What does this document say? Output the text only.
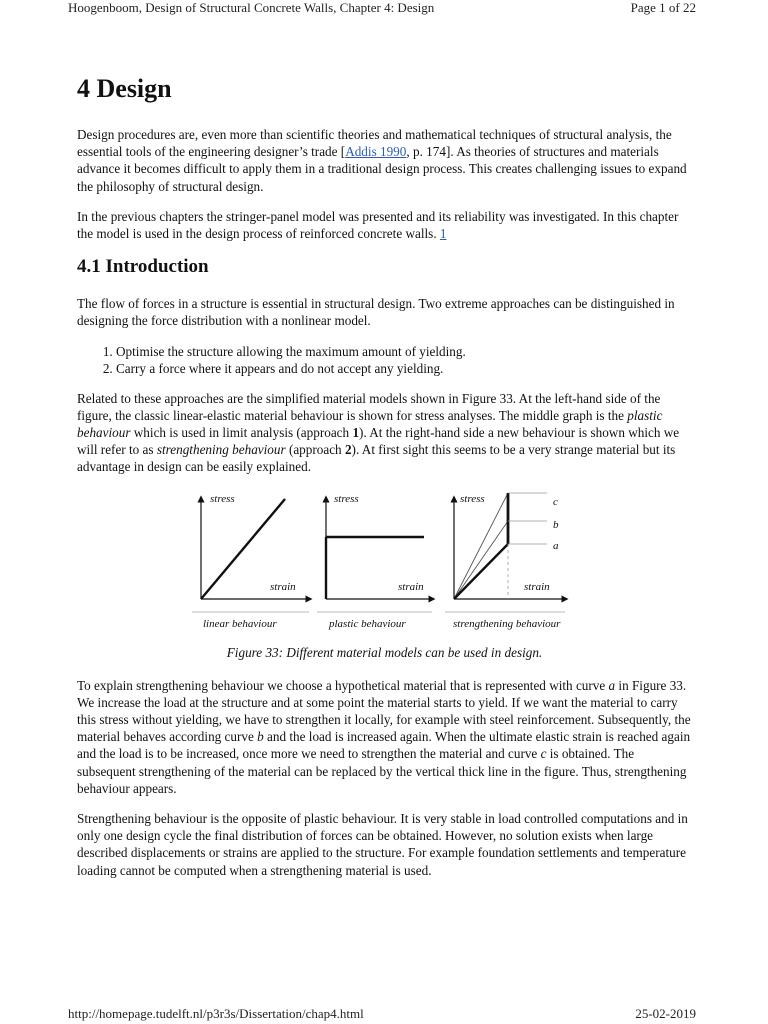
Hoogenboom, Design of Structural Concrete Walls, Chapter 4: Design	Page 1 of 22
4 Design

Design procedures are, even more than scientific theories and mathematical techniques of structural analysis, the essential tools of the engineering designer’s trade [Addis 1990, p. 174]. As theories of structures and materials advance it becomes difficult to apply them in a traditional design process. This creates challenging issues to expand the philosophy of structural design.

In the previous chapters the stringer-panel model was presented and its reliability was investigated. In this chapter the model is used in the design process of reinforced concrete walls. 1

4.1 Introduction

The flow of forces in a structure is essential in structural design. Two extreme approaches can be distinguished in designing the force distribution with a nonlinear model.

1. Optimise the structure allowing the maximum amount of yielding.
2. Carry a force where it appears and do not accept any yielding.

Related to these approaches are the simplified material models shown in Figure 33. At the left-hand side of the figure, the classic linear-elastic material behaviour is shown for stress analyses. The middle graph is the plastic behaviour which is used in limit analysis (approach 1). At the right-hand side a new behaviour is shown which we will refer to as strengthening behaviour (approach 2). At first sight this seems to be a very strange material but its advantage in design can be easily explained.

stress
strain
linear behaviour
stress
strain
plastic behaviour
c
b
a
stress
strain
strengthening behaviour
Figure 33: Different material models can be used in design.

To explain strengthening behaviour we choose a hypothetical material that is represented with curve a in Figure 33. We increase the load at the structure and at some point the material starts to yield. If we want the material to carry this stress without yielding, we have to strengthen it locally, for example with steel reinforcement. Subsequently, the material behaves according curve b and the load is increased again. When the ultimate elastic strain is reached again and the load is to be increased, once more we need to strengthen the material and curve c is obtained. The subsequent strengthening of the material can be replaced by the vertical thick line in the figure. Thus, strengthening behaviour appears.

Strengthening behaviour is the opposite of plastic behaviour. It is very stable in load controlled computations and in only one design cycle the final distribution of forces can be obtained. However, no solution exists when large described displacements or strains are applied to the structure. For example foundation settlements and temperature loading cannot be computed when a strengthening material is used.

http://homepage.tudelft.nl/p3r3s/Dissertation/chap4.html	25-02-2019
